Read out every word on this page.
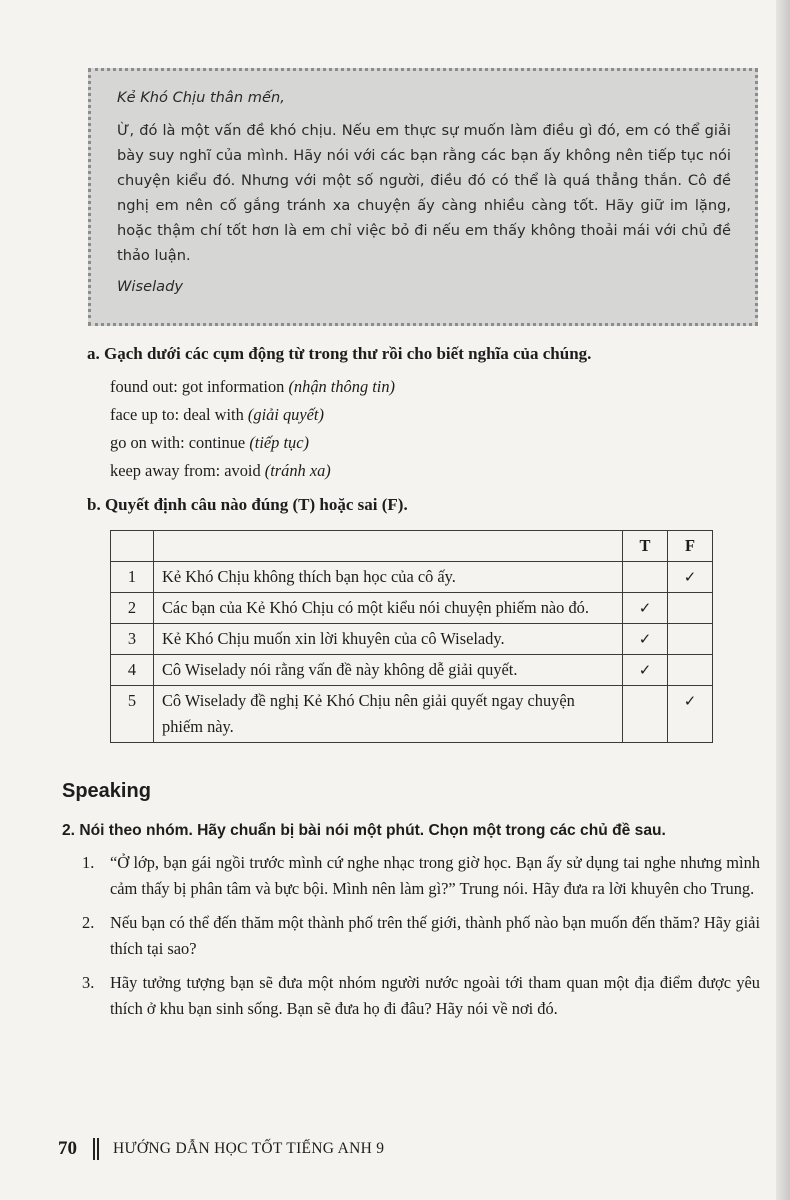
Kẻ Khó Chịu thân mến,
Ừ, đó là một vấn đề khó chịu. Nếu em thực sự muốn làm điều gì đó, em có thể giải bày suy nghĩ của mình. Hãy nói với các bạn rằng các bạn ấy không nên tiếp tục nói chuyện kiểu đó. Nhưng với một số người, điều đó có thể là quá thẳng thắn. Cô đề nghị em nên cố gắng tránh xa chuyện ấy càng nhiều càng tốt. Hãy giữ im lặng, hoặc thậm chí tốt hơn là em chỉ việc bỏ đi nếu em thấy không thoải mái với chủ đề thảo luận.
Wiselady
a. Gạch dưới các cụm động từ trong thư rồi cho biết nghĩa của chúng.
found out: got information (nhận thông tin)
face up to: deal with (giải quyết)
go on with: continue (tiếp tục)
keep away from: avoid (tránh xa)
b. Quyết định câu nào đúng (T) hoặc sai (F).
		T	F
1	Kẻ Khó Chịu không thích bạn học của cô ấy.		✓
2	Các bạn của Kẻ Khó Chịu có một kiểu nói chuyện phiếm nào đó.	✓	
3	Kẻ Khó Chịu muốn xin lời khuyên của cô Wiselady.	✓	
4	Cô Wiselady nói rằng vấn đề này không dễ giải quyết.	✓	
5	Cô Wiselady đề nghị Kẻ Khó Chịu nên giải quyết ngay chuyện phiếm này.		✓
Speaking
2. Nói theo nhóm. Hãy chuẩn bị bài nói một phút. Chọn một trong các chủ đề sau.
1. “Ở lớp, bạn gái ngồi trước mình cứ nghe nhạc trong giờ học. Bạn ấy sử dụng tai nghe nhưng mình cảm thấy bị phân tâm và bực bội. Mình nên làm gì?” Trung nói. Hãy đưa ra lời khuyên cho Trung.
2. Nếu bạn có thể đến thăm một thành phố trên thế giới, thành phố nào bạn muốn đến thăm? Hãy giải thích tại sao?
3. Hãy tưởng tượng bạn sẽ đưa một nhóm người nước ngoài tới tham quan một địa điểm được yêu thích ở khu bạn sinh sống. Bạn sẽ đưa họ đi đâu? Hãy nói về nơi đó.
70 HƯỚNG DẪN HỌC TỐT TIẾNG ANH 9
